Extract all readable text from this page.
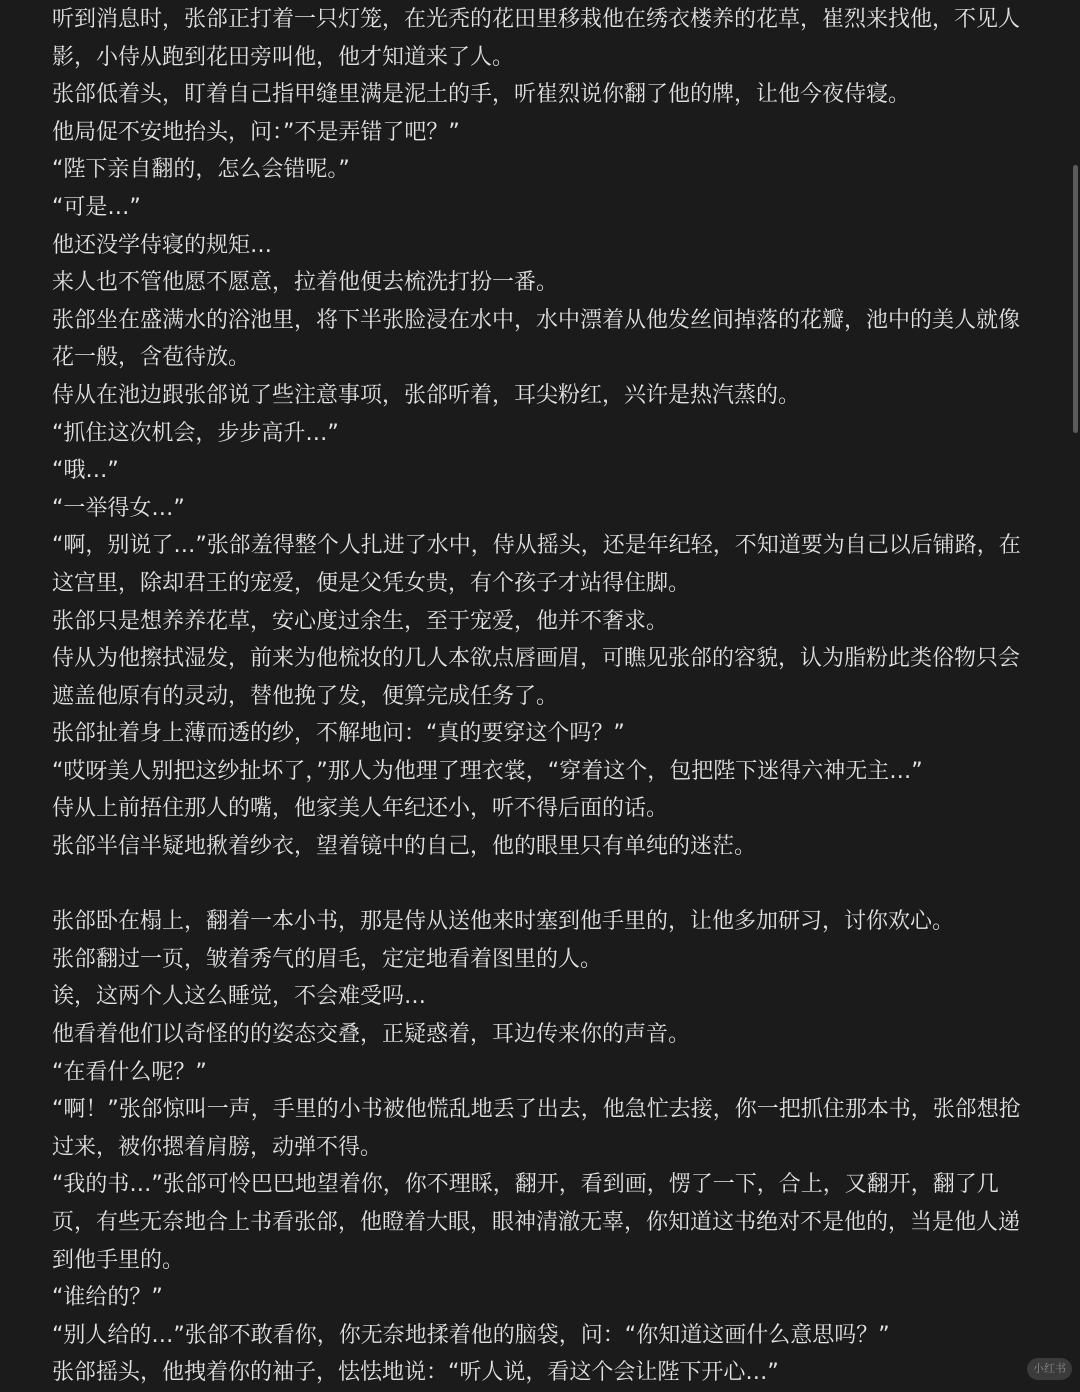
听到消息时，张郃正打着一只灯笼，在光秃的花田里移栽他在绣衣楼养的花草，崔烈来找他，不见人
影，小侍从跑到花田旁叫他，他才知道来了人。
张郃低着头，盯着自己指甲缝里满是泥土的手，听崔烈说你翻了他的牌，让他今夜侍寝。
他局促不安地抬头，问：”不是弄错了吧？”
“陛下亲自翻的，怎么会错呢。”
“可是…”
他还没学侍寝的规矩…
来人也不管他愿不愿意，拉着他便去梳洗打扮一番。
张郃坐在盛满水的浴池里，将下半张脸浸在水中，水中漂着从他发丝间掉落的花瓣，池中的美人就像
花一般，含苞待放。
侍从在池边跟张郃说了些注意事项，张郃听着，耳尖粉红，兴许是热汽蒸的。
“抓住这次机会，步步高升…”
“哦…”
“一举得女…”
“啊，别说了…”张郃羞得整个人扎进了水中，侍从摇头，还是年纪轻，不知道要为自己以后铺路，在
这宫里，除却君王的宠爱，便是父凭女贵，有个孩子才站得住脚。
张郃只是想养养花草，安心度过余生，至于宠爱，他并不奢求。
侍从为他擦拭湿发，前来为他梳妆的几人本欲点唇画眉，可瞧见张郃的容貌，认为脂粉此类俗物只会
遮盖他原有的灵动，替他挽了发，便算完成任务了。
张郃扯着身上薄而透的纱，不解地问：“真的要穿这个吗？”
“哎呀美人别把这纱扯坏了，”那人为他理了理衣裳，“穿着这个，包把陛下迷得六神无主…”
侍从上前捂住那人的嘴，他家美人年纪还小，听不得后面的话。
张郃半信半疑地揪着纱衣，望着镜中的自己，他的眼里只有单纯的迷茫。
张郃卧在榻上，翻着一本小书，那是侍从送他来时塞到他手里的，让他多加研习，讨你欢心。
张郃翻过一页，皱着秀气的眉毛，定定地看着图里的人。
诶，这两个人这么睡觉，不会难受吗…
他看着他们以奇怪的的姿态交叠，正疑惑着，耳边传来你的声音。
“在看什么呢？”
“啊！”张郃惊叫一声，手里的小书被他慌乱地丢了出去，他急忙去接，你一把抓住那本书，张郃想抢
过来，被你摁着肩膀，动弹不得。
“我的书…”张郃可怜巴巴地望着你，你不理睬，翻开，看到画，愣了一下，合上，又翻开，翻了几
页，有些无奈地合上书看张郃，他瞪着大眼，眼神清澈无辜，你知道这书绝对不是他的，当是他人递
到他手里的。
“谁给的？”
“别人给的…”张郃不敢看你，你无奈地揉着他的脑袋，问：“你知道这画什么意思吗？”
张郃摇头，他拽着你的袖子，怯怯地说：“听人说，看这个会让陛下开心…”	小红书
